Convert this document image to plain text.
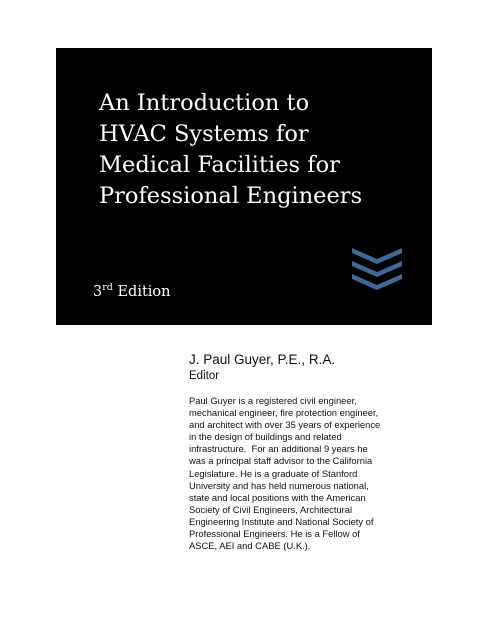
An Introduction to
HVAC Systems for
Medical Facilities for
Professional Engineers
3rd Edition

J. Paul Guyer, P.E., R.A.

Editor

Paul Guyer is a registered civil engineer,
mechanical engineer, fire protection engineer,
and architect with over 35 years of experience
in the design of buildings and related
infrastructure.  For an additional 9 years he
was a principal staff advisor to the California
Legislature. He is a graduate of Stanford
University and has held numerous national,
state and local positions with the American
Society of Civil Engineers, Architectural
Engineering Institute and National Society of
Professional Engineers. He is a Fellow of
ASCE, AEI and CABE (U.K.).
